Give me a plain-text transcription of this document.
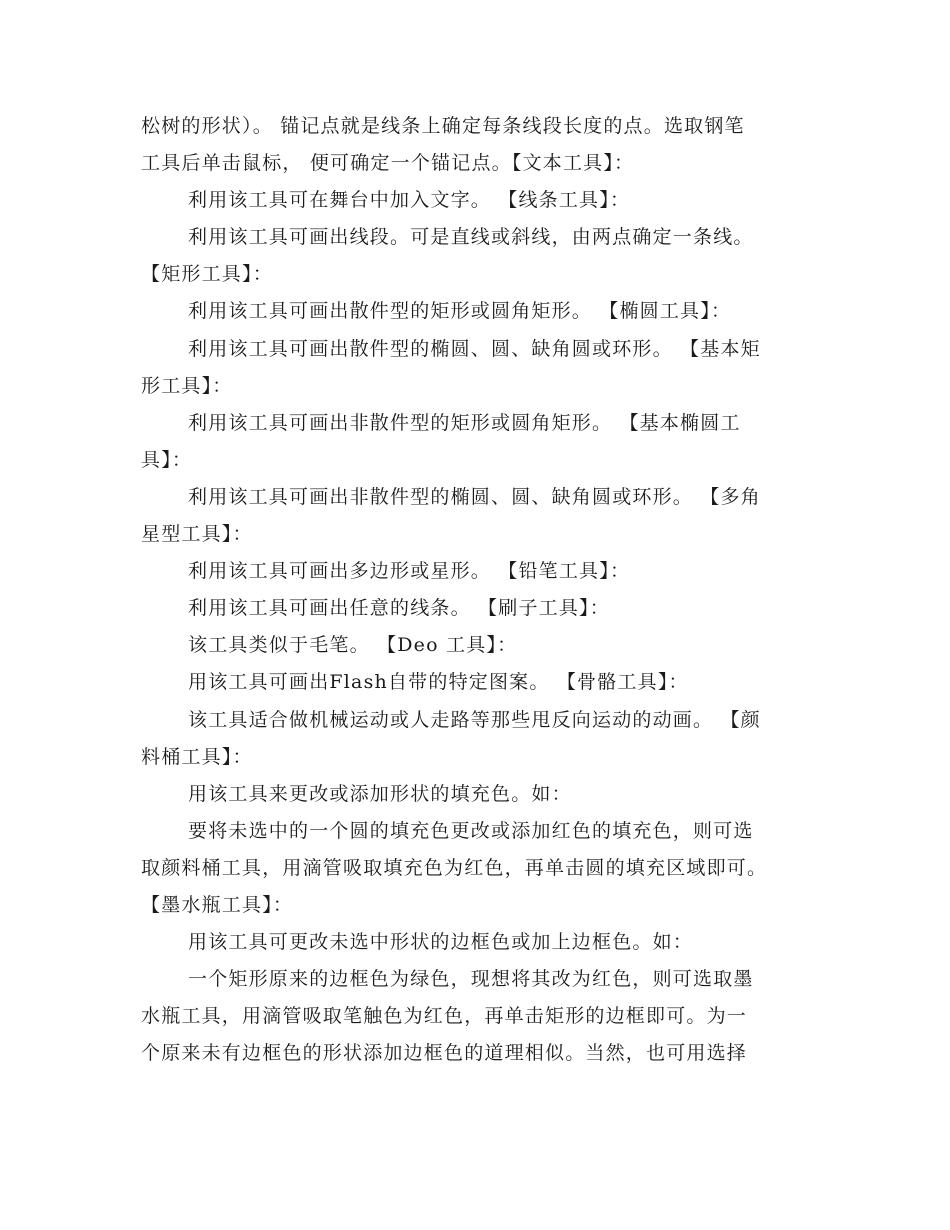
松树的形状）。 锚记点就是线条上确定每条线段长度的点。选取钢笔
工具后单击鼠标， 便可确定一个锚记点。【文本工具】：
利用该工具可在舞台中加入文字。 【线条工具】：
利用该工具可画出线段。可是直线或斜线，由两点确定一条线。
【矩形工具】：
利用该工具可画出散件型的矩形或圆角矩形。 【椭圆工具】：
利用该工具可画出散件型的椭圆、圆、缺角圆或环形。 【基本矩
形工具】：
利用该工具可画出非散件型的矩形或圆角矩形。 【基本椭圆工
具】：
利用该工具可画出非散件型的椭圆、圆、缺角圆或环形。 【多角
星型工具】：
利用该工具可画出多边形或星形。 【铅笔工具】：
利用该工具可画出任意的线条。 【刷子工具】：
该工具类似于毛笔。 【Deo 工具】：
用该工具可画出Flash自带的特定图案。 【骨骼工具】：
该工具适合做机械运动或人走路等那些甩反向运动的动画。 【颜
料桶工具】：
用该工具来更改或添加形状的填充色。如：
要将未选中的一个圆的填充色更改或添加红色的填充色，则可选
取颜料桶工具，用滴管吸取填充色为红色，再单击圆的填充区域即可。
【墨水瓶工具】：
用该工具可更改未选中形状的边框色或加上边框色。如：
一个矩形原来的边框色为绿色，现想将其改为红色，则可选取墨
水瓶工具，用滴管吸取笔触色为红色，再单击矩形的边框即可。为一
个原来未有边框色的形状添加边框色的道理相似。当然，也可用选择
